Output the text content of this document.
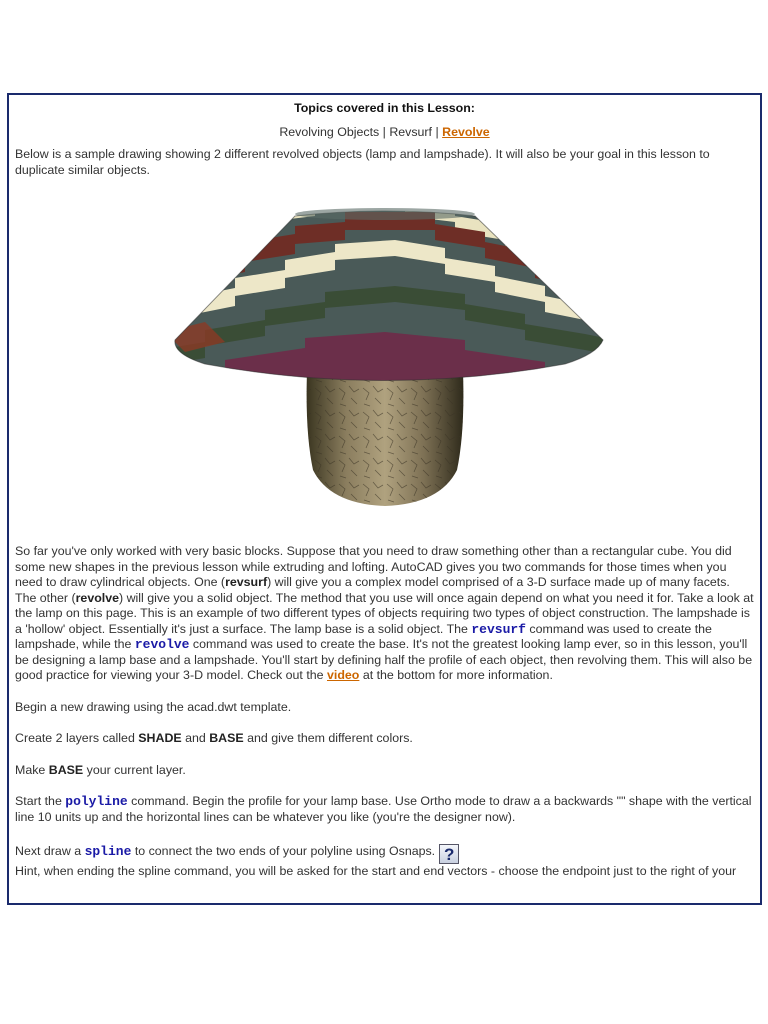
Topics covered in this Lesson:
Revolving Objects | Revsurf | Revolve

Below is a sample drawing showing 2 different revolved objects (lamp and lampshade). It will also be your goal in this lesson to duplicate similar objects.

So far you've only worked with very basic blocks. Suppose that you need to draw something other than a rectangular cube. You did some new shapes in the previous lesson while extruding and lofting. AutoCAD gives you two commands for those times when you need to draw cylindrical objects. One (revsurf) will give you a complex model comprised of a 3-D surface made up of many facets. The other (revolve) will give you a solid object. The method that you use will once again depend on what you need it for. Take a look at the lamp on this page. This is an example of two different types of objects requiring two types of object construction. The lampshade is a 'hollow' object. Essentially it's just a surface. The lamp base is a solid object. The revsurf command was used to create the lampshade, while the revolve command was used to create the base. It's not the greatest looking lamp ever, so in this lesson, you'll be designing a lamp base and a lampshade. You'll start by defining half the profile of each object, then revolving them. This will also be good practice for viewing your 3-D model. Check out the video at the bottom for more information.

Begin a new drawing using the acad.dwt template.

Create 2 layers called SHADE and BASE and give them different colors.

Make BASE your current layer.

Start the polyline command. Begin the profile for your lamp base. Use Ortho mode to draw a a backwards "" shape with the vertical line 10 units up and the horizontal lines can be whatever you like (you're the designer now).

Next draw a spline to connect the two ends of your polyline using Osnaps. ?

Hint, when ending the spline command, you will be asked for the start and end vectors - choose the endpoint just to the right of your
